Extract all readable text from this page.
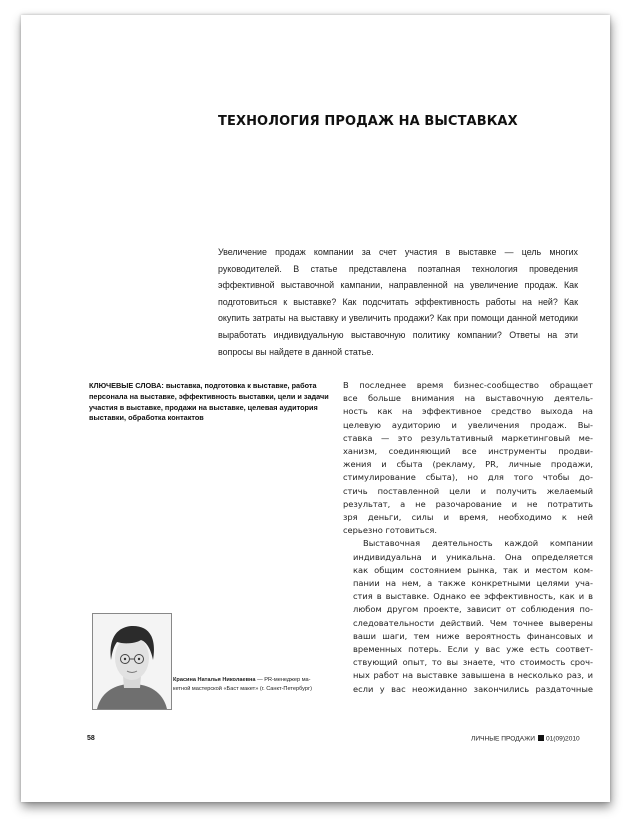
ТЕХНОЛОГИЯ ПРОДАЖ НА ВЫСТАВКАХ

Увеличение продаж компании за счет участия в выставке — цель многих руководителей. В статье представлена поэтапная технология проведения эффективной выставочной кампании, направленной на увеличение продаж. Как подготовиться к выставке? Как подсчитать эффективность работы на ней? Как окупить затраты на выставку и увеличить продажи? Как при помощи данной методики выработать индивидуальную выставочную политику компании? Ответы на эти вопросы вы найдете в данной статье.

КЛЮЧЕВЫЕ СЛОВА: выставка, подготовка к выставке, работа персонала на выставке, эффективность выставки, цели и задачи участия в выставке, продажи на выставке, целевая аудитория выставки, обработка контактов

В последнее время бизнес-сообщество обращает
все больше внимания на выставочную деятель-
ность как на эффективное средство выхода на
целевую аудиторию и увеличения продаж. Вы-
ставка — это результативный маркетинговый ме-
ханизм, соединяющий все инструменты продви-
жения и сбыта (рекламу, PR, личные продажи,
стимулирование сбыта), но для того чтобы до-
стичь поставленной цели и получить желаемый
результат, а не разочарование и не потратить
зря деньги, силы и время, необходимо к ней
серьезно готовиться.

Выставочная деятельность каждой компании
индивидуальна и уникальна. Она определяется
как общим состоянием рынка, так и местом ком-
пании на нем, а также конкретными целями уча-
стия в выставке. Однако ее эффективность, как и в
любом другом проекте, зависит от соблюдения по-
следовательности действий. Чем точнее выверены
ваши шаги, тем ниже вероятность финансовых и
временных потерь. Если у вас уже есть соответ-
ствующий опыт, то вы знаете, что стоимость сроч-
ных работ на выставке завышена в несколько раз, и
если у вас неожиданно закончились раздаточные

Красина Наталья Николаевна — PR-менеджер ма-
кетной мастерской «Баст макет» (г. Санкт-Петербург)
58	ЛИЧНЫЕ ПРОДАЖИ 01(09)2010
